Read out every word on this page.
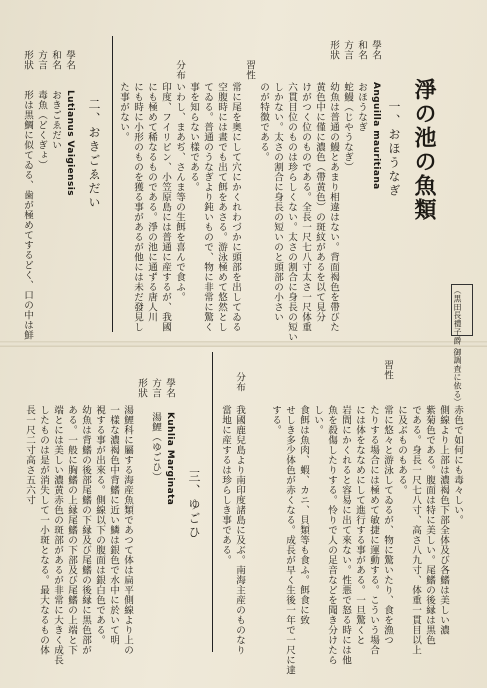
淨の池の魚類
（黒田長禮子爵 御調査に依る）
一、おほうなぎ
學名
Anguilla mauritiana
和名
おほうなぎ
方言
蛇鰻（じやうなぎ）
形狀
幼魚は普通の鰻とあまり相違はない。背面褐色を帶びた
黄色中に僅に濃色（帶黄色）の斑紋があるを以て見分
けがつく位のものである。全長一尺七八寸太さ一尺体重
六貫目位のものは珍らしくない。太さの割合に身長の短い
しかない。太さの割合に身長の短いのと頭部の小さい
のが特徴である。
習性
常に尾を奥にして穴にかくれわづかに頭部を出してゐる
空腹時には晝でも出て餌をあさる。游泳極めて悠然とし
てゐる。普通のうなぎより鈍いもので、物に非常に驚く
事を知らない樣である。
分布
いわし、まあぢ、さんま等の生餌を喜んで食ふ。
印度、フイリピン、小笠原島には普通に産するが、我國
にも極めて稀なるものである。淨の池に通ずる唐人川
にも時に小形のものを獲る事があるが他には未だ發見し
た事がない。
二、おきごゑだい
學名
Lutianus Vaigiensis
和名
おきごゑだい
方言
毒魚（どくぎょ）
形狀
形は黒鯛に似てゐる、歯が極めてするどく、口の中は鮮
赤色で如何にも毒々しい。
側線より上部は濃褐色下部全体及び各鰭は美しい濃
紫菊色である。腹面は特に美しい。尾鰭の後縁は黒色
である。身長一尺七八寸、高さ八九寸、体重一貫目以上
に及ぶものもある。
習性
常に悠々と游泳してゐるが、物に驚いたり、食を漁つ
たりする場合には極めて敏捷に運動する。こういう場合
には体をななめにして進行する事がある。一旦驚くと
岩間にかくれると容易に出て來ない。性悪で怒る時には他
魚を殺傷したりする。怜りで人の足音などを聞き分けたら
しい。
食餌は魚肉、蝦、カニ、貝類等も食ふ。餌食に致
せしき多少体色が赤くなる。成長が早く生後一年で一尺に達
する。
分布
我國鹿兒島より南印度諸島に及ぶ。南海主産のものなり
當地に産するは珍らしき事である。
三、ゆごひ
學名
Kuhlia Marginata
方言
湯鯉（ゆごひ）
形狀
湯鯉科に屬する海産魚類であつて体は扁平側線より上の
一樣な濃褐色中背鰭に近い鱗は銀色で水中に於いて明
視する事が出來る。側線以下の腹面は銀白色である。
幼魚は背鰭の後部尾鰭の下縁及び尾鰭の後縁に黒色部が
ある。一般に胸鰭の上縁尾鰭の下部及び尾鰭の上端と下
端とには美しい濃黄赤色の斑部があるが非常に大きく成長
したものは是が消失して一小斑となる。最大なるもの体
長一尺二寸高さ五六寸
